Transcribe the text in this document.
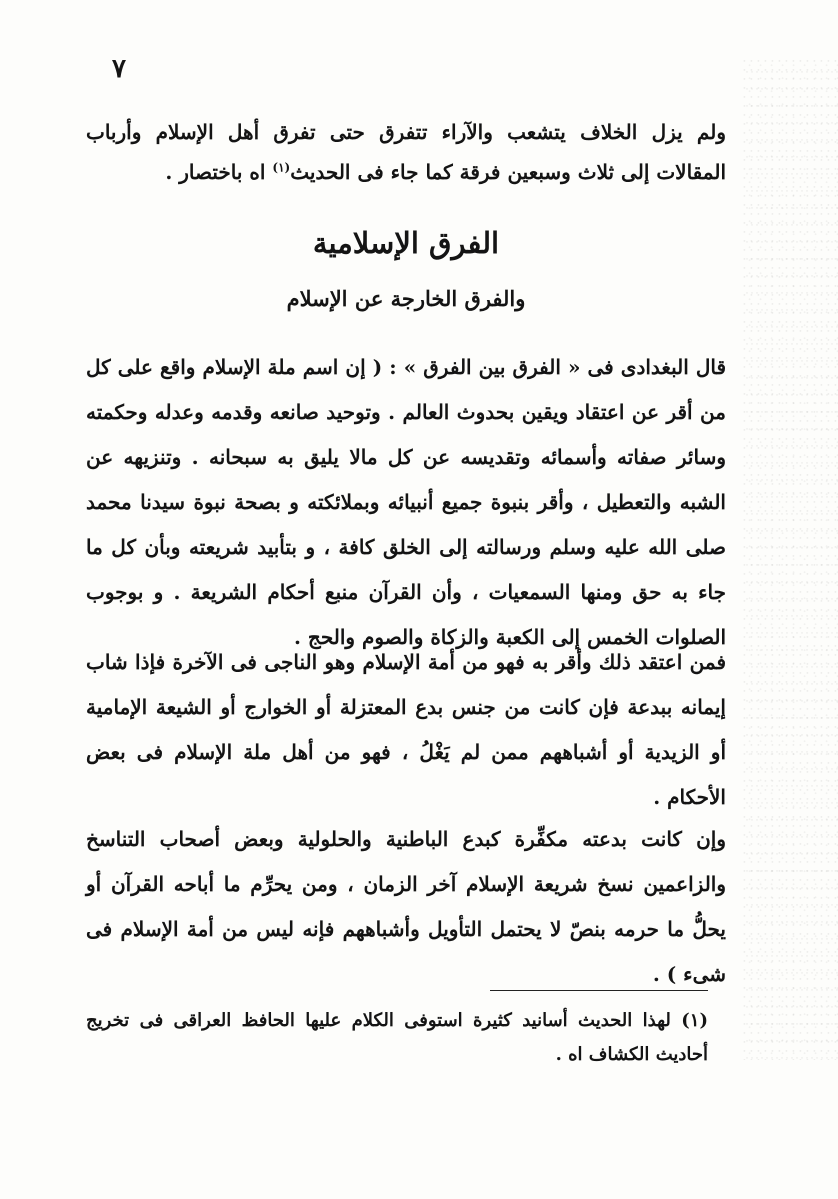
٧
ولم يزل الخلاف يتشعب والآراء تتفرق حتى تفرق أهل الإسلام وأرباب المقالات إلى ثلاث وسبعين فرقة كما جاء فى الحديث$^{(١)}$ اه باختصار .
الفرق الإسلامية
والفرق الخارجة عن الإسلام
قال البغدادى فى « الفرق بين الفرق » : ( إن اسم ملة الإسلام واقع على كل من أقر عن اعتقاد ويقين بحدوث العالم . وتوحيد صانعه وقدمه وعدله وحكمته وسائر صفاته وأسمائه وتقديسه عن كل مالا يليق به سبحانه . وتنزيهه عن الشبه والتعطيل ، وأقر بنبوة جميع أنبيائه وبملائكته و بصحة نبوة سيدنا محمد صلى الله عليه وسلم ورسالته إلى الخلق كافة ، و بتأبيد شريعته وبأن كل ما جاء به حق ومنها السمعيات ، وأن القرآن منبع أحكام الشريعة . و بوجوب الصلوات الخمس إلى الكعبة والزكاة والصوم والحج .
فمن اعتقد ذلك وأقر به فهو من أمة الإسلام وهو الناجى فى الآخرة فإذا شاب إيمانه ببدعة فإن كانت من جنس بدع المعتزلة أو الخوارج أو الشيعة الإمامية أو الزيدية أو أشباههم ممن لم يَغْلُ ، فهو من أهل ملة الإسلام فى بعض الأحكام .
وإن كانت بدعته مكفِّرة كبدع الباطنية والحلولية وبعض أصحاب التناسخ والزاعمين نسخ شريعة الإسلام آخر الزمان ، ومن يحرِّم ما أباحه القرآن أو يحلُّ ما حرمه بنصّ لا يحتمل التأويل وأشباههم فإنه ليس من أمة الإسلام فى شىء ) .
(١) لهذا الحديث أسانيد كثيرة استوفى الكلام عليها الحافظ العراقى فى تخريج أحاديث الكشاف اه .
